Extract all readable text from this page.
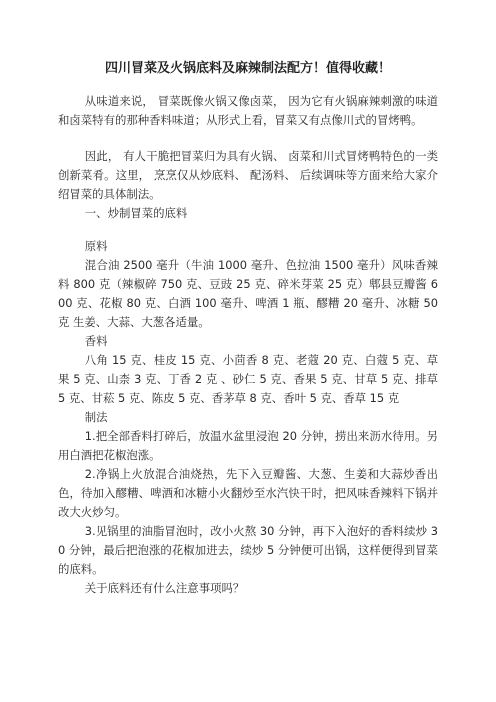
四川冒菜及火锅底料及麻辣制法配方！值得收藏！

从味道来说， 冒菜既像火锅又像卤菜， 因为它有火锅麻辣刺激的味道和卤菜特有的那种香料味道；从形式上看，冒菜又有点像川式的冒烤鸭。

因此， 有人干脆把冒菜归为具有火锅、 卤菜和川式冒烤鸭特色的一类创新菜肴。这里， 烹烹仅从炒底料、 配汤料、 后续调味等方面来给大家介绍冒菜的具体制法。

一、炒制冒菜的底料

原料

混合油 2500 毫升（牛油 1000 毫升、色拉油 1500 毫升）风味香辣料 800 克（辣椒碎 750 克、豆豉 25 克、碎米芽菜 25 克）郫县豆瓣酱 600 克、花椒 80 克、白酒 100 毫升、啤酒 1 瓶、醪糟 20 毫升、冰糖 50 克 生姜、大蒜、大葱各适量。

香料

八角 15 克、桂皮 15 克、小茴香 8 克、老蔻 20 克、白蔻 5 克、草果 5 克、山柰 3 克、丁香 2 克 、砂仁 5 克、香果 5 克、甘草 5 克、排草 5 克、甘菘 5 克、陈皮 5 克、香茅草 8 克、香叶 5 克、香草 15 克

制法

1.把全部香料打碎后，放温水盆里浸泡 20 分钟，捞出来沥水待用。另用白酒把花椒泡涨。

2.净锅上火放混合油烧热，先下入豆瓣酱、大葱、生姜和大蒜炒香出色，待加入醪糟、啤酒和冰糖小火翻炒至水汽快干时，把风味香辣料下锅并改大火炒匀。

3.见锅里的油脂冒泡时，改小火熬 30 分钟，再下入泡好的香料续炒 30 分钟，最后把泡涨的花椒加进去，续炒 5 分钟便可出锅，这样便得到冒菜的底料。

关于底料还有什么注意事项吗？
